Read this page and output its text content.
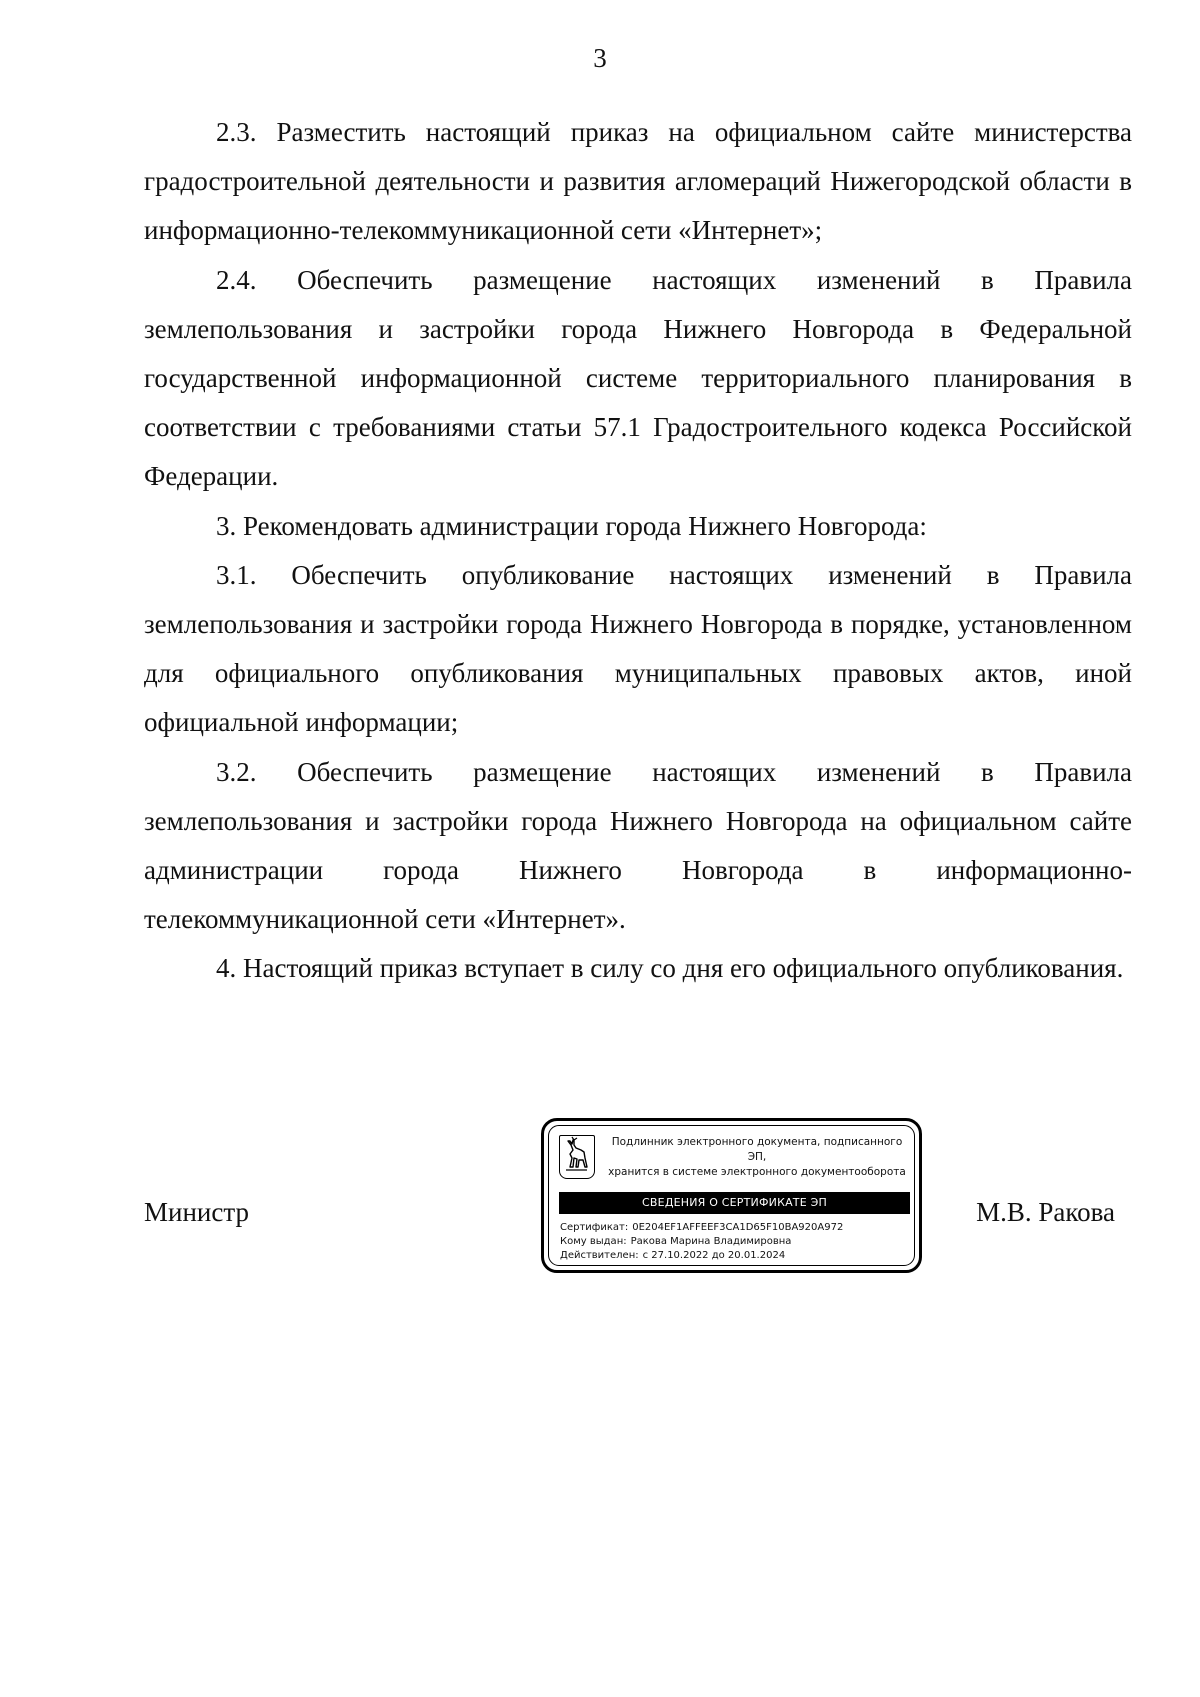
3

2.3. Разместить настоящий приказ на официальном сайте министерства градостроительной деятельности и развития агломераций Нижегородской области в информационно-телекоммуникационной сети «Интернет»;

2.4. Обеспечить размещение настоящих изменений в Правила землепользования и застройки города Нижнего Новгорода в Федеральной государственной информационной системе территориального планирования в соответствии с требованиями статьи 57.1 Градостроительного кодекса Российской Федерации.

3. Рекомендовать администрации города Нижнего Новгорода:

3.1. Обеспечить опубликование настоящих изменений в Правила землепользования и застройки города Нижнего Новгорода в порядке, установленном для официального опубликования муниципальных правовых актов, иной официальной информации;

3.2. Обеспечить размещение настоящих изменений в Правила землепользования и застройки города Нижнего Новгорода на официальном сайте администрации города Нижнего Новгорода в информационно-телекоммуникационной сети «Интернет».

4. Настоящий приказ вступает в силу со дня его официального опубликования.

Министр	М.В. Ракова
Подлинник электронного документа, подписанного ЭП,
хранится в системе электронного документооборота
СВЕДЕНИЯ О СЕРТИФИКАТЕ ЭП
Сертификат: 0E204EF1AFFEEF3CA1D65F10BA920A972
Кому выдан: Ракова Марина Владимировна
Действителен: с 27.10.2022 до 20.01.2024
